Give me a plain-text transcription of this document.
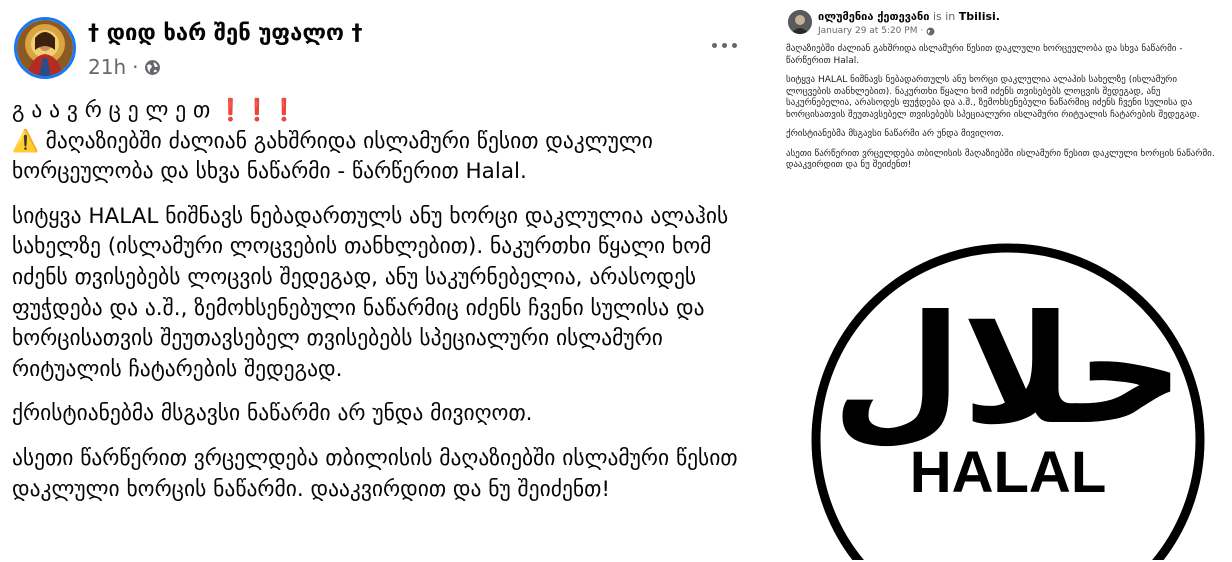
† დიდ ხარ შენ უფალო †
21h ·

გ ა ა ვ რ ც ე ლ ე თ ❗❗❗

⚠️ მაღაზიებში ძალიან გახშრიდა ისლამური წესით დაკლული ხორცეულობა და სხვა ნაწარმი - წარწერით Halal.

სიტყვა HALAL ნიშნავს ნებადართულს ანუ ხორცი დაკლულია ალაჰის სახელზე (ისლამური ლოცვების თანხლებით). ნაკურთხი წყალი ხომ იძენს თვისებებს ლოცვის შედეგად, ანუ საკურნებელია, არასოდეს ფუჭდება და ა.შ., ზემოხსენებული ნაწარმიც იძენს ჩვენი სულისა და ხორცისათვის შეუთავსებელ თვისებებს სპეციალური ისლამური რიტუალის ჩატარების შედეგად.

ქრისტიანებმა მსგავსი ნაწარმი არ უნდა მივიღოთ.

ასეთი წარწერით ვრცელდება თბილისის მაღაზიებში ისლამური წესით დაკლული ხორცის ნაწარმი. დააკვირდით და ნუ შეიძენთ!

ილუმენია ქეთევანი is in Tbilisi.
January 29 at 5:20 PM ·

მაღაზიებში ძალიან გახშრიდა ისლამური წესით დაკლული ხორცეულობა და სხვა ნაწარმი - წარწერით Halal.

სიტყვა HALAL ნიშნავს ნებადართულს ანუ ხორცი დაკლულია ალაჰის სახელზე (ისლამური ლოცვების თანხლებით). ნაკურთხი წყალი ხომ იძენს თვისებებს ლოცვის შედეგად, ანუ საკურნებელია, არასოდეს ფუჭდება და ა.შ., ზემოხსენებული ნაწარმიც იძენს ჩვენი სულისა და ხორცისათვის შეუთავსებელ თვისებებს სპეციალური ისლამური რიტუალის ჩატარების შედეგად.

ქრისტიანებმა მსგავსი ნაწარმი არ უნდა მივიღოთ.

ასეთი წარწერით ვრცელდება თბილისის მაღაზიებში ისლამური წესით დაკლული ხორცის ნაწარმი. დააკვირდით და ნუ შეიძენთ!

حلال
HALAL
